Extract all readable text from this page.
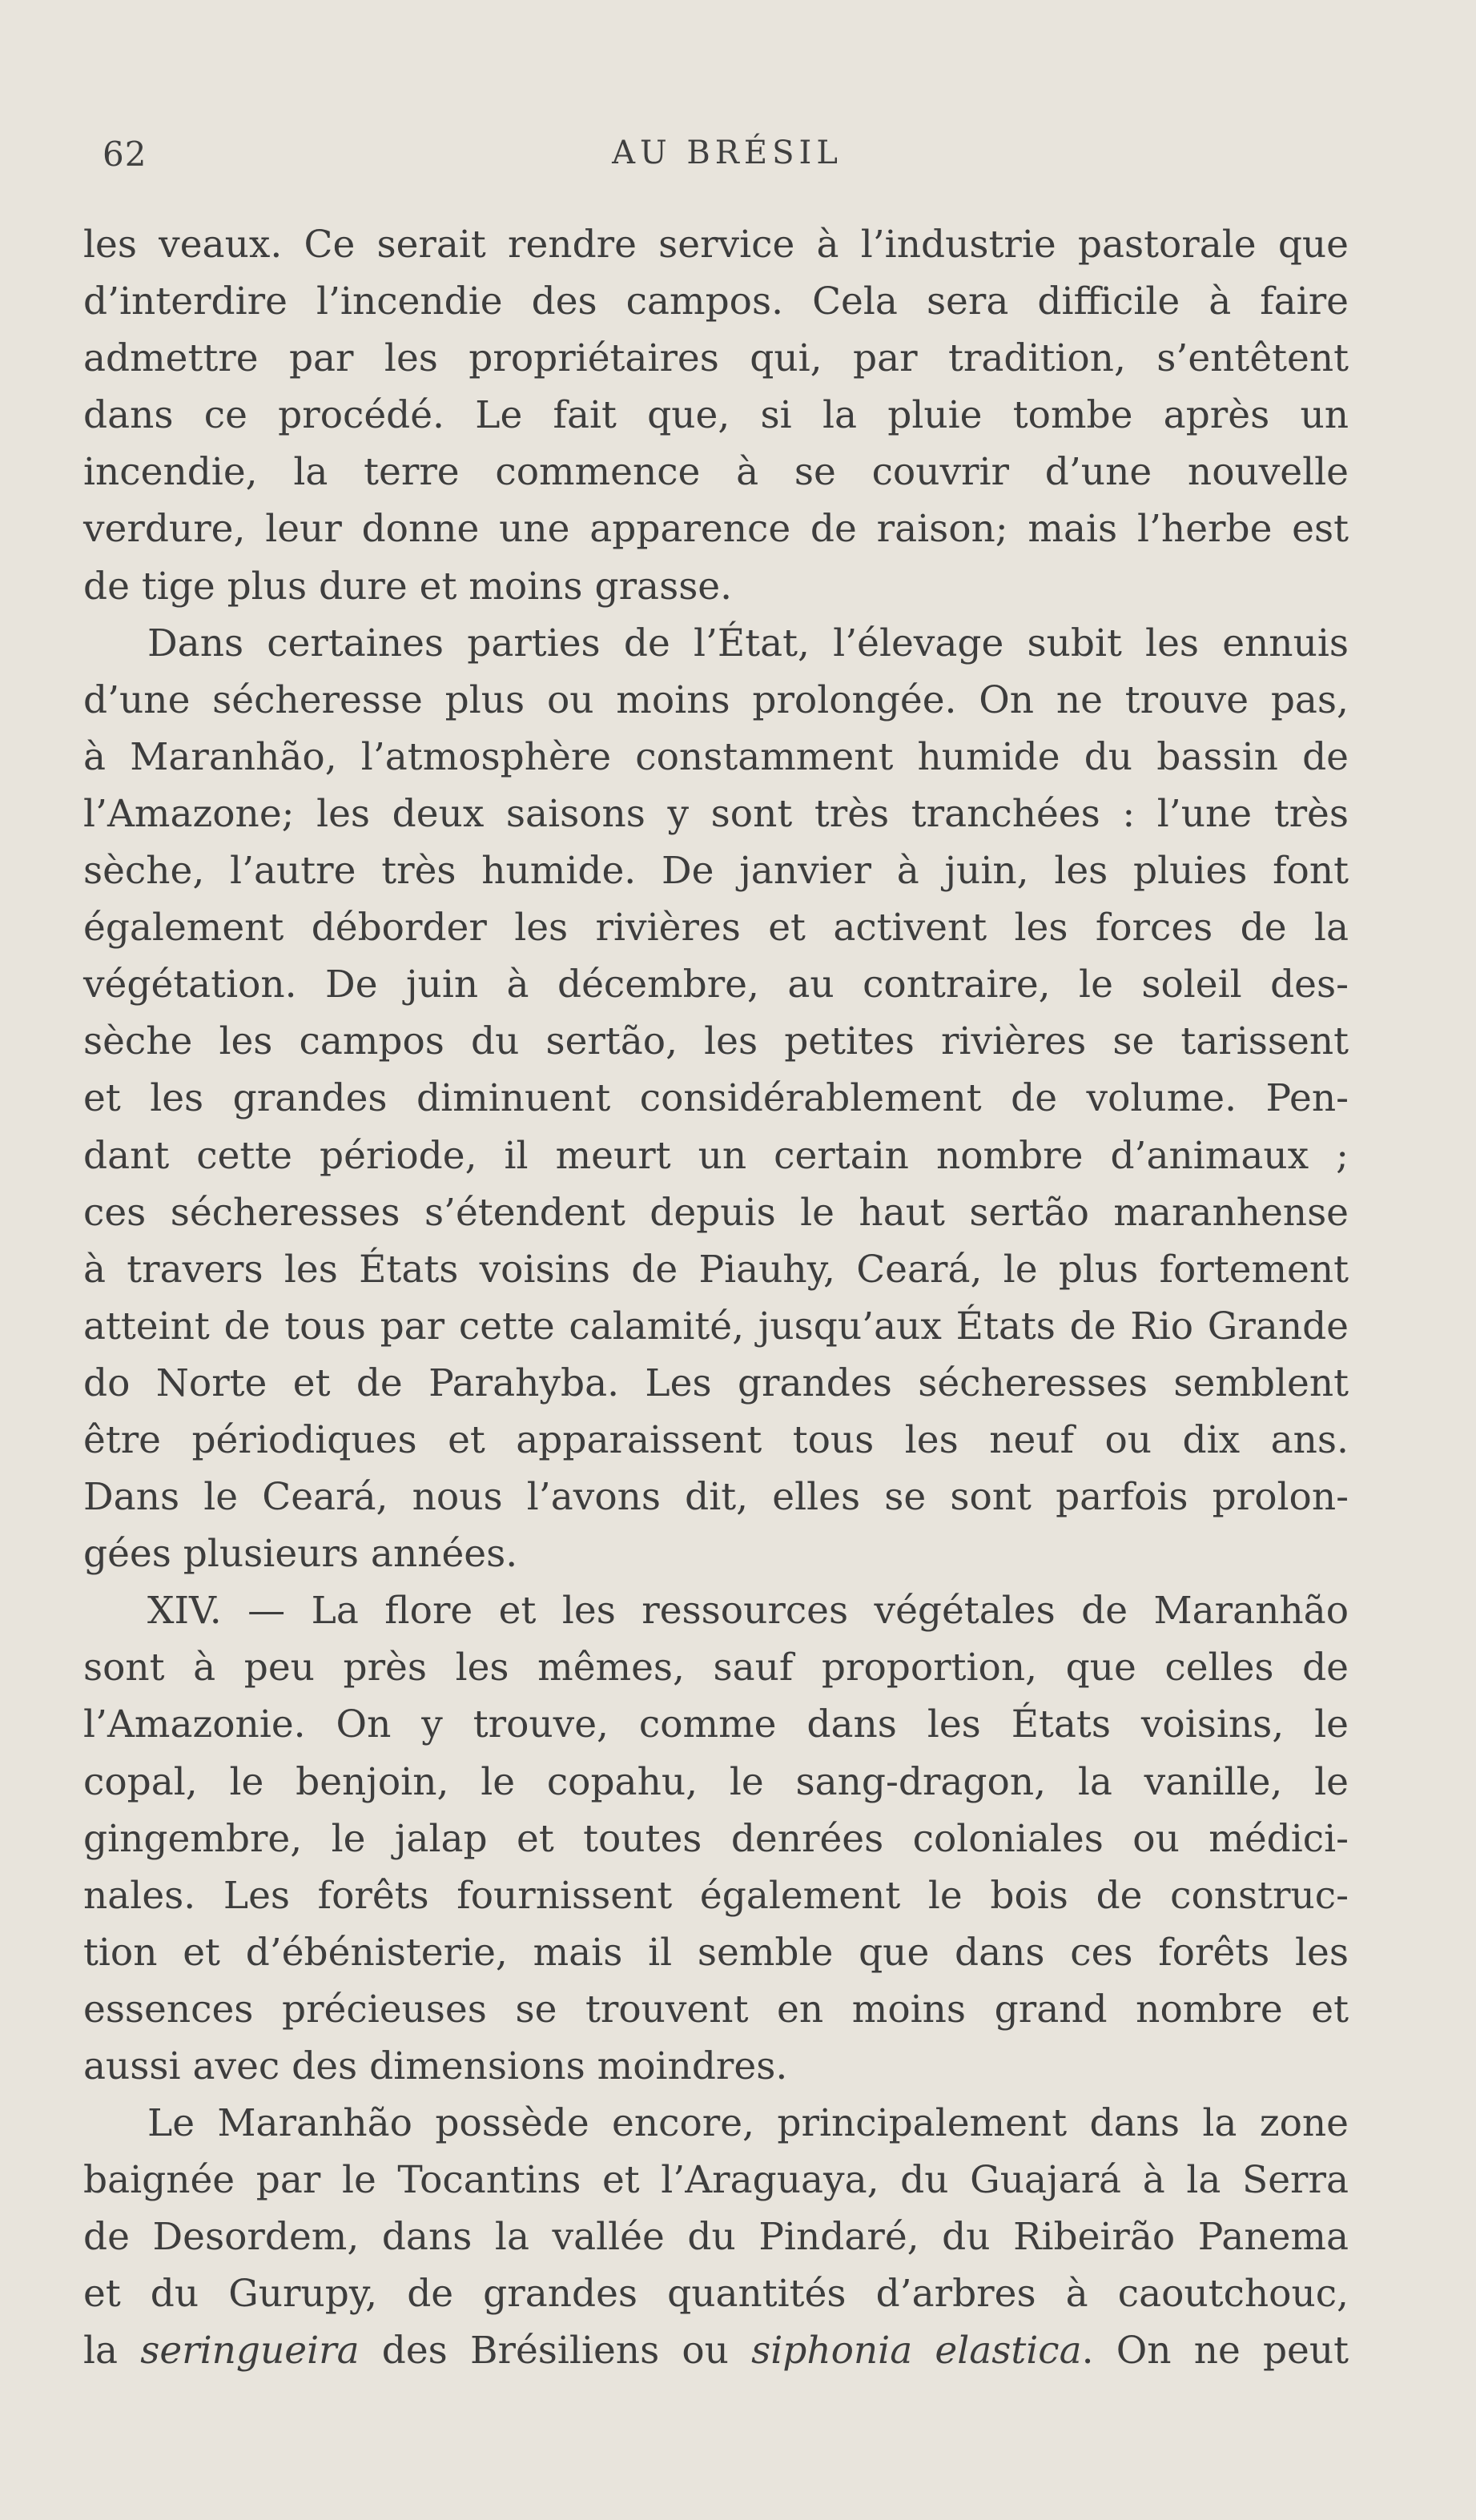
62	AU BRÉSIL
les veaux. Ce serait rendre service à l’industrie pastorale que
d’interdire l’incendie des campos. Cela sera difficile à faire
admettre par les propriétaires qui, par tradition, s’entêtent
dans ce procédé. Le fait que, si la pluie tombe après un
incendie, la terre commence à se couvrir d’une nouvelle
verdure, leur donne une apparence de raison; mais l’herbe est
de tige plus dure et moins grasse.
Dans certaines parties de l’État, l’élevage subit les ennuis
d’une sécheresse plus ou moins prolongée. On ne trouve pas,
à Maranhão, l’atmosphère constamment humide du bassin de
l’Amazone; les deux saisons y sont très tranchées : l’une très
sèche, l’autre très humide. De janvier à juin, les pluies font
également déborder les rivières et activent les forces de la
végétation. De juin à décembre, au contraire, le soleil des-
sèche les campos du sertão, les petites rivières se tarissent
et les grandes diminuent considérablement de volume. Pen-
dant cette période, il meurt un certain nombre d’animaux ;
ces sécheresses s’étendent depuis le haut sertão maranhense
à travers les États voisins de Piauhy, Ceará, le plus fortement
atteint de tous par cette calamité, jusqu’aux États de Rio Grande
do Norte et de Parahyba. Les grandes sécheresses semblent
être périodiques et apparaissent tous les neuf ou dix ans.
Dans le Ceará, nous l’avons dit, elles se sont parfois prolon-
gées plusieurs années.
XIV. — La flore et les ressources végétales de Maranhão
sont à peu près les mêmes, sauf proportion, que celles de
l’Amazonie. On y trouve, comme dans les États voisins, le
copal, le benjoin, le copahu, le sang-dragon, la vanille, le
gingembre, le jalap et toutes denrées coloniales ou médici-
nales. Les forêts fournissent également le bois de construc-
tion et d’ébénisterie, mais il semble que dans ces forêts les
essences précieuses se trouvent en moins grand nombre et
aussi avec des dimensions moindres.
Le Maranhão possède encore, principalement dans la zone
baignée par le Tocantins et l’Araguaya, du Guajará à la Serra
de Desordem, dans la vallée du Pindaré, du Ribeirão Panema
et du Gurupy, de grandes quantités d’arbres à caoutchouc,
la seringueira des Brésiliens ou siphonia elastica. On ne peut
